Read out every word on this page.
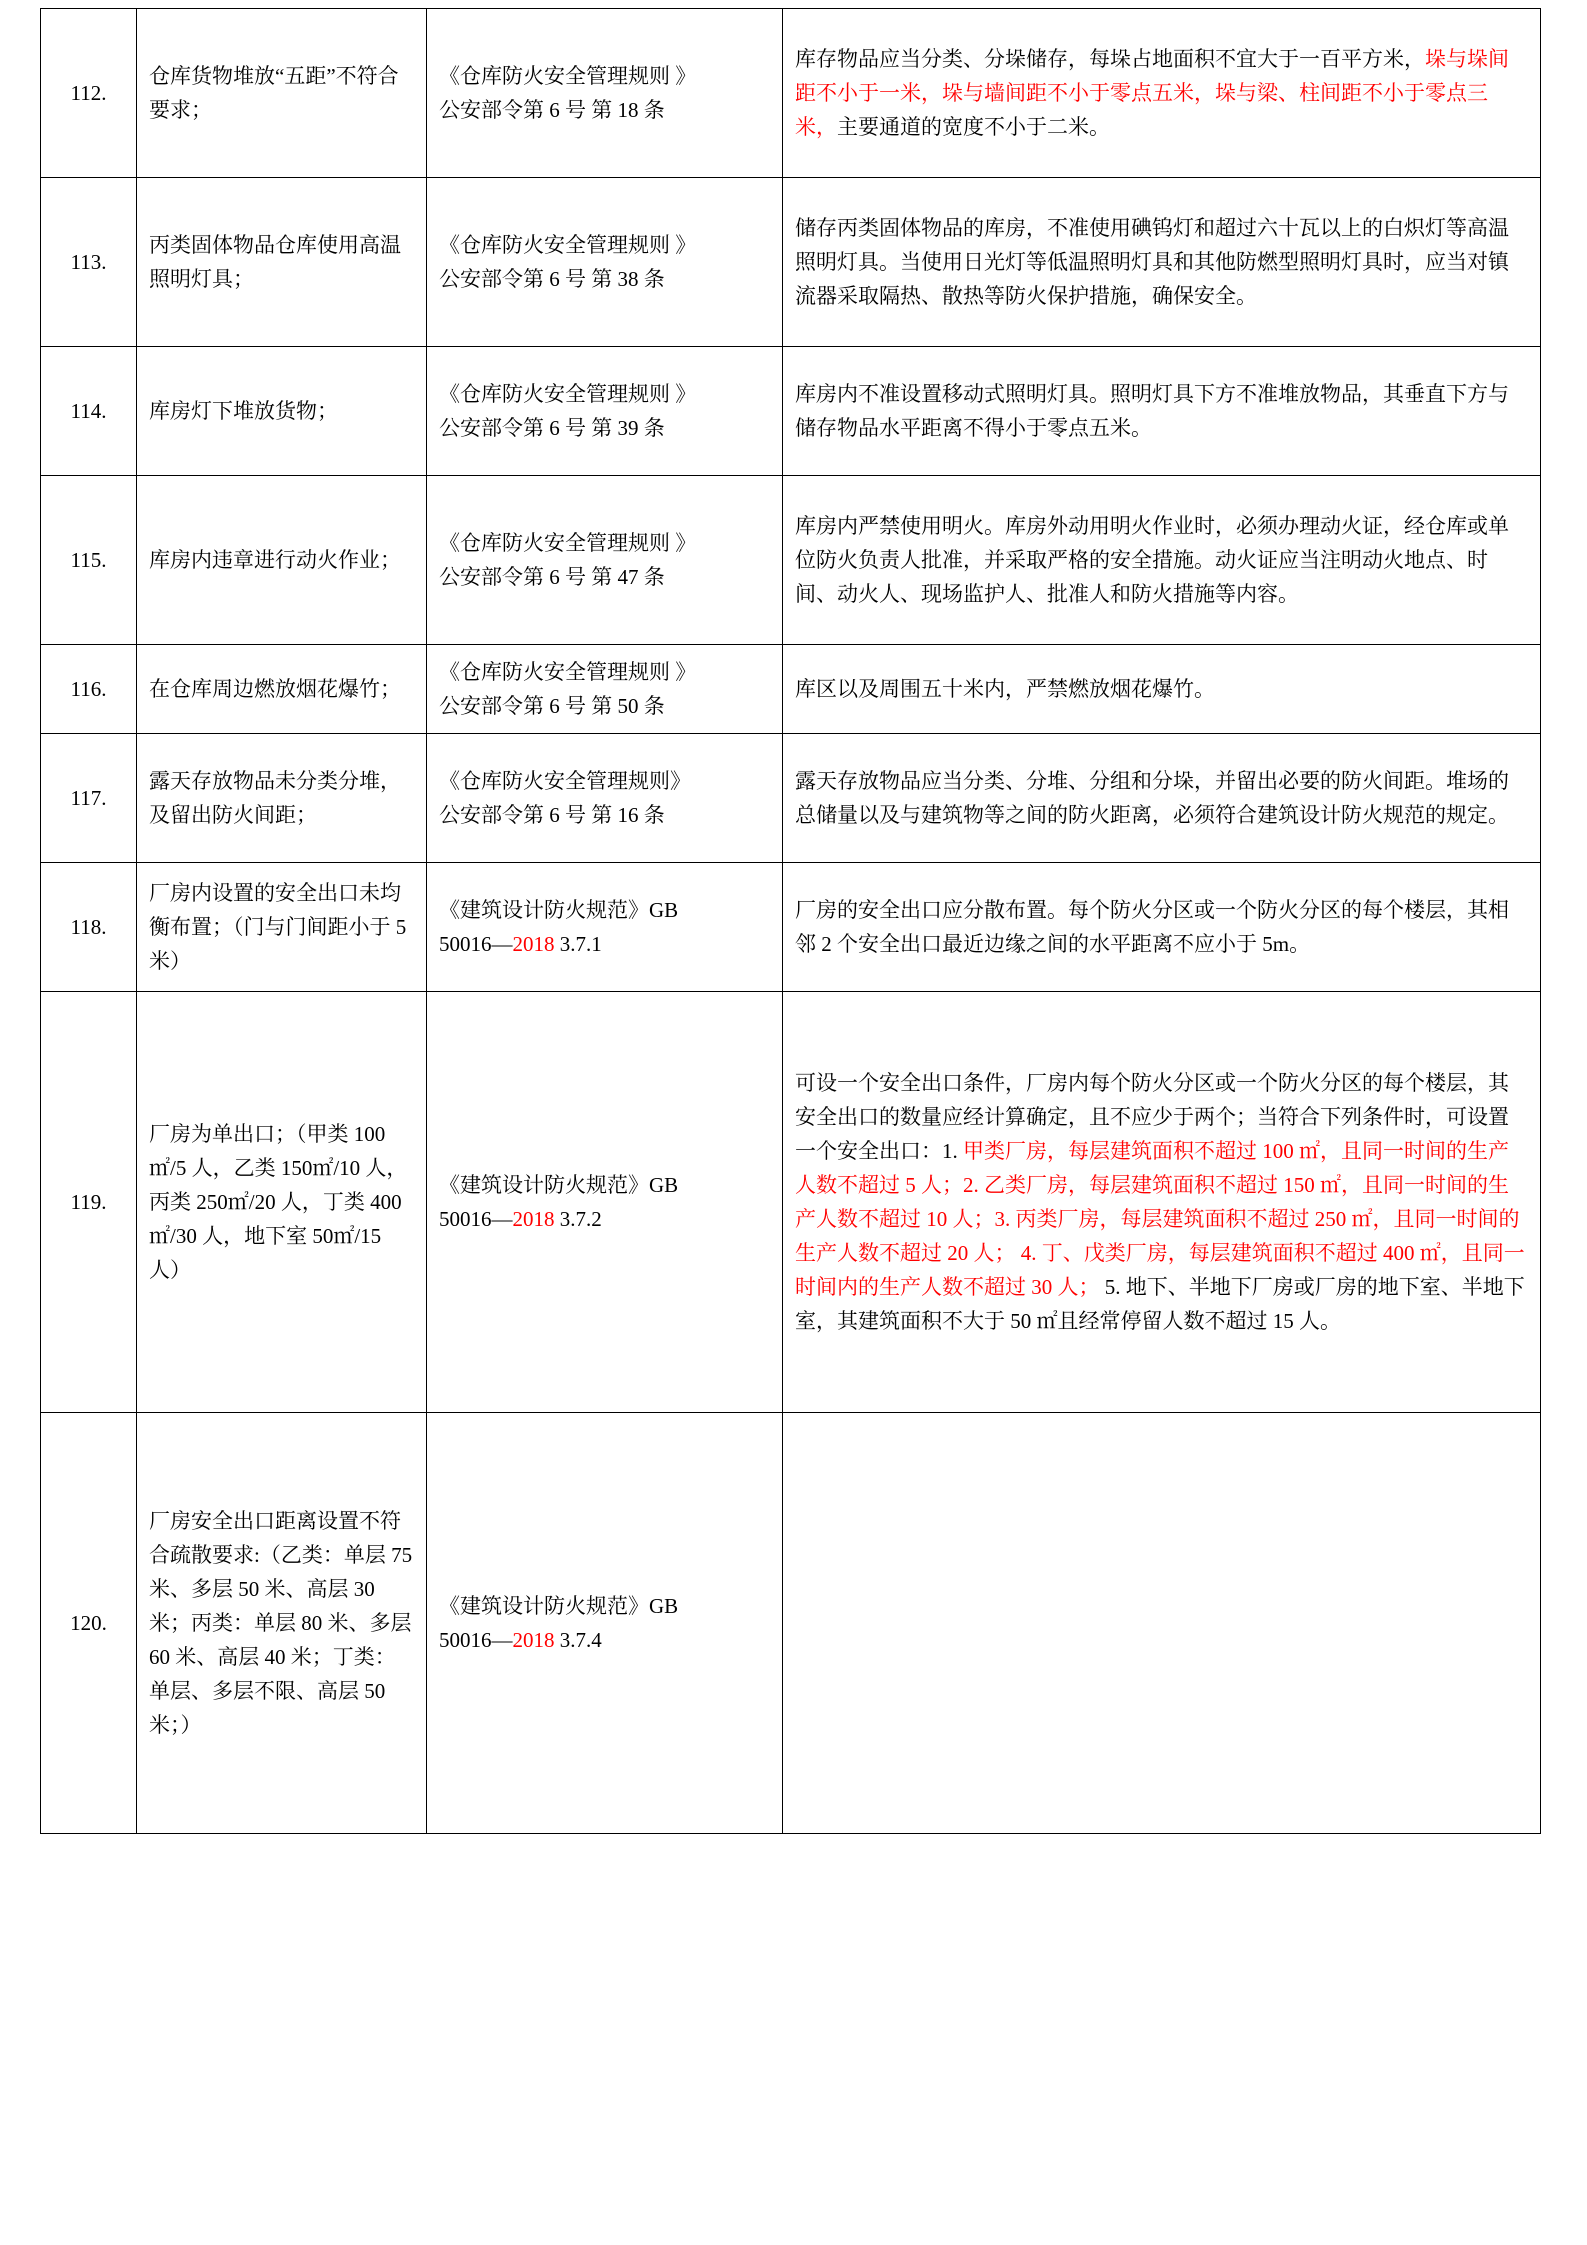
112.	仓库货物堆放“五距”不符合要求；	《仓库防火安全管理规则 》

公安部令第 6 号 第 18 条	库存物品应当分类、分垛储存，每垛占地面积不宜大于一百平方米，垛与垛间距不小于一米，垛与墙间距不小于零点五米，垛与梁、柱间距不小于零点三米，主要通道的宽度不小于二米。
113.	丙类固体物品仓库使用高温照明灯具；	《仓库防火安全管理规则 》

公安部令第 6 号 第 38 条	储存丙类固体物品的库房，不准使用碘钨灯和超过六十瓦以上的白炽灯等高温照明灯具。当使用日光灯等低温照明灯具和其他防燃型照明灯具时，应当对镇流器采取隔热、散热等防火保护措施，确保安全。
114.	库房灯下堆放货物；	《仓库防火安全管理规则 》

公安部令第 6 号 第 39 条	库房内不准设置移动式照明灯具。照明灯具下方不准堆放物品，其垂直下方与储存物品水平距离不得小于零点五米。
115.	库房内违章进行动火作业；	《仓库防火安全管理规则 》

公安部令第 6 号 第 47 条	库房内严禁使用明火。库房外动用明火作业时，必须办理动火证，经仓库或单位防火负责人批准，并采取严格的安全措施。动火证应当注明动火地点、时间、动火人、现场监护人、批准人和防火措施等内容。
116.	在仓库周边燃放烟花爆竹；	《仓库防火安全管理规则 》

公安部令第 6 号 第 50 条	库区以及周围五十米内，严禁燃放烟花爆竹。
117.	露天存放物品未分类分堆，及留出防火间距；	《仓库防火安全管理规则》

公安部令第 6 号 第 16 条	露天存放物品应当分类、分堆、分组和分垛，并留出必要的防火间距。堆场的总储量以及与建筑物等之间的防火距离，必须符合建筑设计防火规范的规定。
118.	厂房内设置的安全出口未均衡布置；（门与门间距小于 5 米）	《建筑设计防火规范》GB

50016—2018 3.7.1	厂房的安全出口应分散布置。每个防火分区或一个防火分区的每个楼层，其相邻 2 个安全出口最近边缘之间的水平距离不应小于 5m。
119.	厂房为单出口；（甲类 100㎡/5 人，乙类 150㎡/10 人，丙类 250㎡/20 人，丁类 400㎡/30 人，地下室 50㎡/15 人）	《建筑设计防火规范》GB

50016—2018 3.7.2	可设一个安全出口条件，厂房内每个防火分区或一个防火分区的每个楼层，其安全出口的数量应经计算确定，且不应少于两个；当符合下列条件时，可设置一个安全出口：1. 甲类厂房，每层建筑面积不超过 100 ㎡，且同一时间的生产人数不超过 5 人；2. 乙类厂房，每层建筑面积不超过 150 ㎡，且同一时间的生产人数不超过 10 人；3. 丙类厂房，每层建筑面积不超过 250 ㎡，且同一时间的生产人数不超过 20 人； 4. 丁、戊类厂房，每层建筑面积不超过 400 ㎡，且同一时间内的生产人数不超过 30 人； 5. 地下、半地下厂房或厂房的地下室、半地下室，其建筑面积不大于 50 ㎡且经常停留人数不超过 15 人。
120.	厂房安全出口距离设置不符合疏散要求:（乙类：单层 75 米、多层 50 米、高层 30 米；丙类：单层 80 米、多层 60 米、高层 40 米；丁类：单层、多层不限、高层 50 米；）	《建筑设计防火规范》GB

50016—2018 3.7.4	
